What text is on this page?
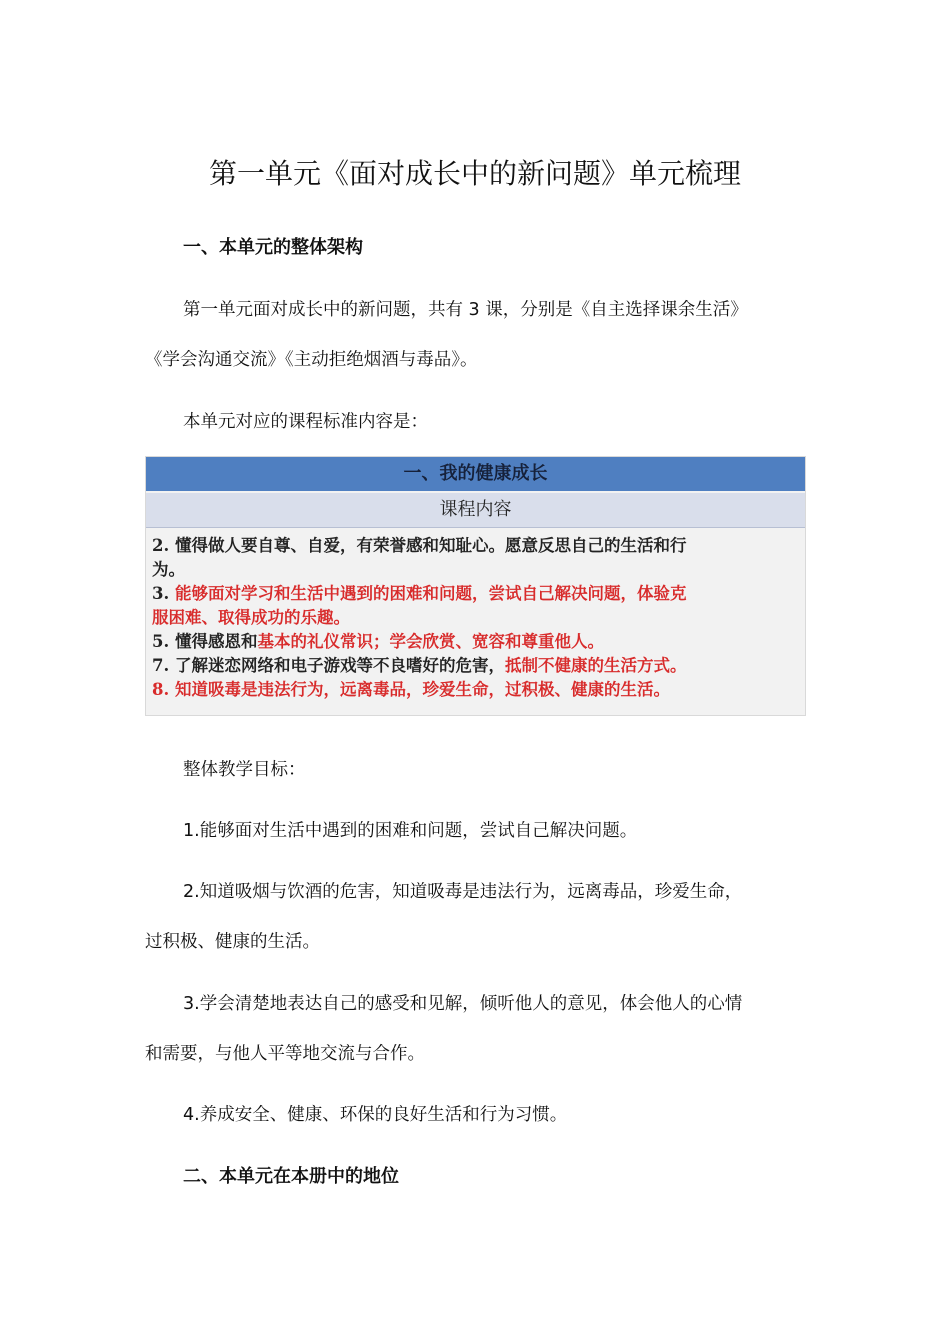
第一单元《面对成长中的新问题》单元梳理
一、本单元的整体架构
第一单元面对成长中的新问题，共有 3 课，分别是《自主选择课余生活》
《学会沟通交流》《主动拒绝烟酒与毒品》。
本单元对应的课程标准内容是：
一、我的健康成长
课程内容
2. 懂得做人要自尊、自爱，有荣誉感和知耻心。愿意反思自己的生活和行
为。
3. 能够面对学习和生活中遇到的困难和问题，尝试自己解决问题，体验克
服困难、取得成功的乐趣。
5. 懂得感恩和基本的礼仪常识；学会欣赏、宽容和尊重他人。
7. 了解迷恋网络和电子游戏等不良嗜好的危害，抵制不健康的生活方式。
8. 知道吸毒是违法行为，远离毒品，珍爱生命，过积极、健康的生活。
整体教学目标：
1.能够面对生活中遇到的困难和问题，尝试自己解决问题。
2.知道吸烟与饮酒的危害，知道吸毒是违法行为，远离毒品，珍爱生命，
过积极、健康的生活。
3.学会清楚地表达自己的感受和见解，倾听他人的意见，体会他人的心情
和需要，与他人平等地交流与合作。
4.养成安全、健康、环保的良好生活和行为习惯。
二、本单元在本册中的地位
